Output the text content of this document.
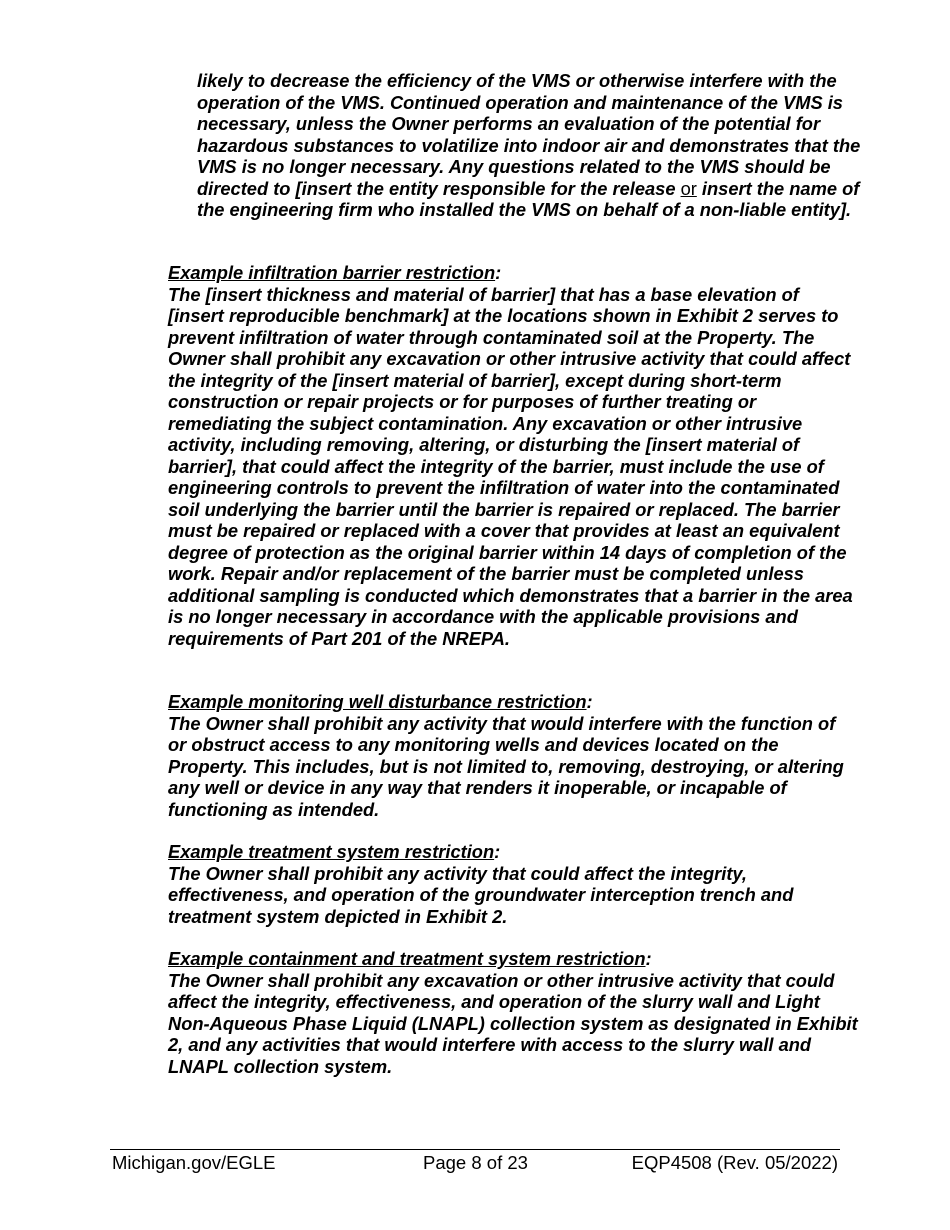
likely to decrease the efficiency of the VMS or otherwise interfere with the operation of the VMS. Continued operation and maintenance of the VMS is necessary, unless the Owner performs an evaluation of the potential for hazardous substances to volatilize into indoor air and demonstrates that the VMS is no longer necessary. Any questions related to the VMS should be directed to [insert the entity responsible for the release or insert the name of the engineering firm who installed the VMS on behalf of a non-liable entity].

Example infiltration barrier restriction:

The [insert thickness and material of barrier] that has a base elevation of [insert reproducible benchmark] at the locations shown in Exhibit 2 serves to prevent infiltration of water through contaminated soil at the Property. The Owner shall prohibit any excavation or other intrusive activity that could affect the integrity of the [insert material of barrier], except during short-term construction or repair projects or for purposes of further treating or remediating the subject contamination. Any excavation or other intrusive activity, including removing, altering, or disturbing the [insert material of barrier], that could affect the integrity of the barrier, must include the use of engineering controls to prevent the infiltration of water into the contaminated soil underlying the barrier until the barrier is repaired or replaced. The barrier must be repaired or replaced with a cover that provides at least an equivalent degree of protection as the original barrier within 14 days of completion of the work. Repair and/or replacement of the barrier must be completed unless additional sampling is conducted which demonstrates that a barrier in the area is no longer necessary in accordance with the applicable provisions and requirements of Part 201 of the NREPA.

Example monitoring well disturbance restriction:

The Owner shall prohibit any activity that would interfere with the function of or obstruct access to any monitoring wells and devices located on the Property. This includes, but is not limited to, removing, destroying, or altering any well or device in any way that renders it inoperable, or incapable of functioning as intended.

Example treatment system restriction:

The Owner shall prohibit any activity that could affect the integrity, effectiveness, and operation of the groundwater interception trench and treatment system depicted in Exhibit 2.

Example containment and treatment system restriction:

The Owner shall prohibit any excavation or other intrusive activity that could affect the integrity, effectiveness, and operation of the slurry wall and Light Non-Aqueous Phase Liquid (LNAPL) collection system as designated in Exhibit 2, and any activities that would interfere with access to the slurry wall and LNAPL collection system.

Michigan.gov/EGLE	Page 8 of 23	EQP4508 (Rev. 05/2022)
